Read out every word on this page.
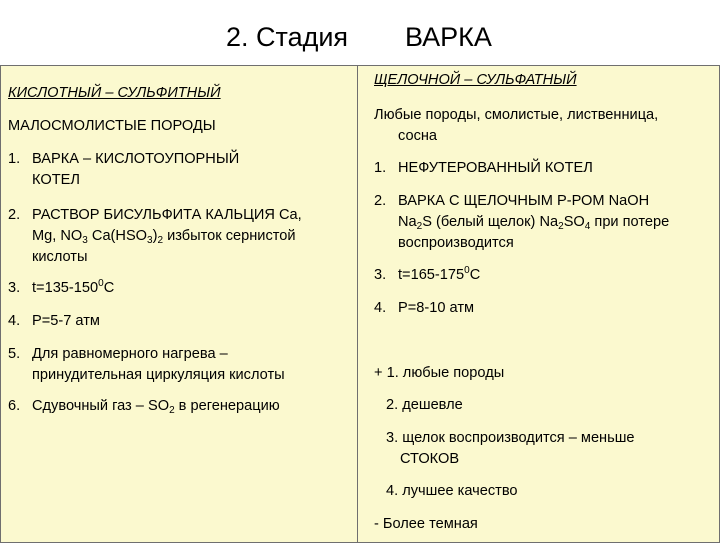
2. Стадия ВАРКА
КИСЛОТНЫЙ – СУЛЬФИТНЫЙ
МАЛОСМОЛИСТЫЕ ПОРОДЫ
1. ВАРКА – КИСЛОТОУПОРНЫЙ
КОТЕЛ
2. РАСТВОР БИСУЛЬФИТА КАЛЬЦИЯ Ca,
Mg, $NO_3$ $Ca(HSO_3)_2$ избыток сернистой
кислоты
3. $t=135-150^0C$
4. P=5-7 атм
5. Для равномерного нагрева –
принудительная циркуляция кислоты
6. Сдувочный газ – $SO_2$ в регенерацию
ЩЕЛОЧНОЙ – СУЛЬФАТНЫЙ
Любые породы, смолистые, лиственница,
сосна
1. НЕФУТЕРОВАННЫЙ КОТЕЛ
2. ВАРКА С ЩЕЛОЧНЫМ Р-РОМ NaOH
$Na_2S$ (белый щелок) $Na_2SO_4$ при потере
воспроизводится
3. $t=165-175^0C$
4. P=8-10 атм
+ 1. любые породы
2. дешевле
3. щелок воспроизводится – меньше
СТОКОВ
4. лучшее качество
- Более темная
